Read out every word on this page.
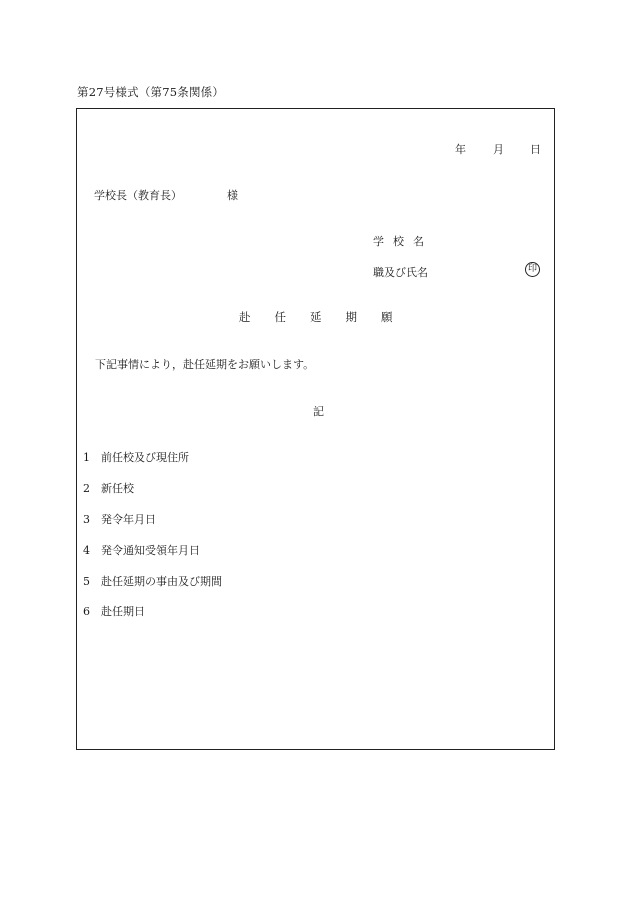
第27号様式（第75条関係）
年 月 日
学校長（教育長）	様
学校名
職及び氏名	印
赴任延期願
下記事情により，赴任延期をお願いします。
記
1 前任校及び現住所
2 新任校
3 発令年月日
4 発令通知受領年月日
5 赴任延期の事由及び期間
6 赴任期日
